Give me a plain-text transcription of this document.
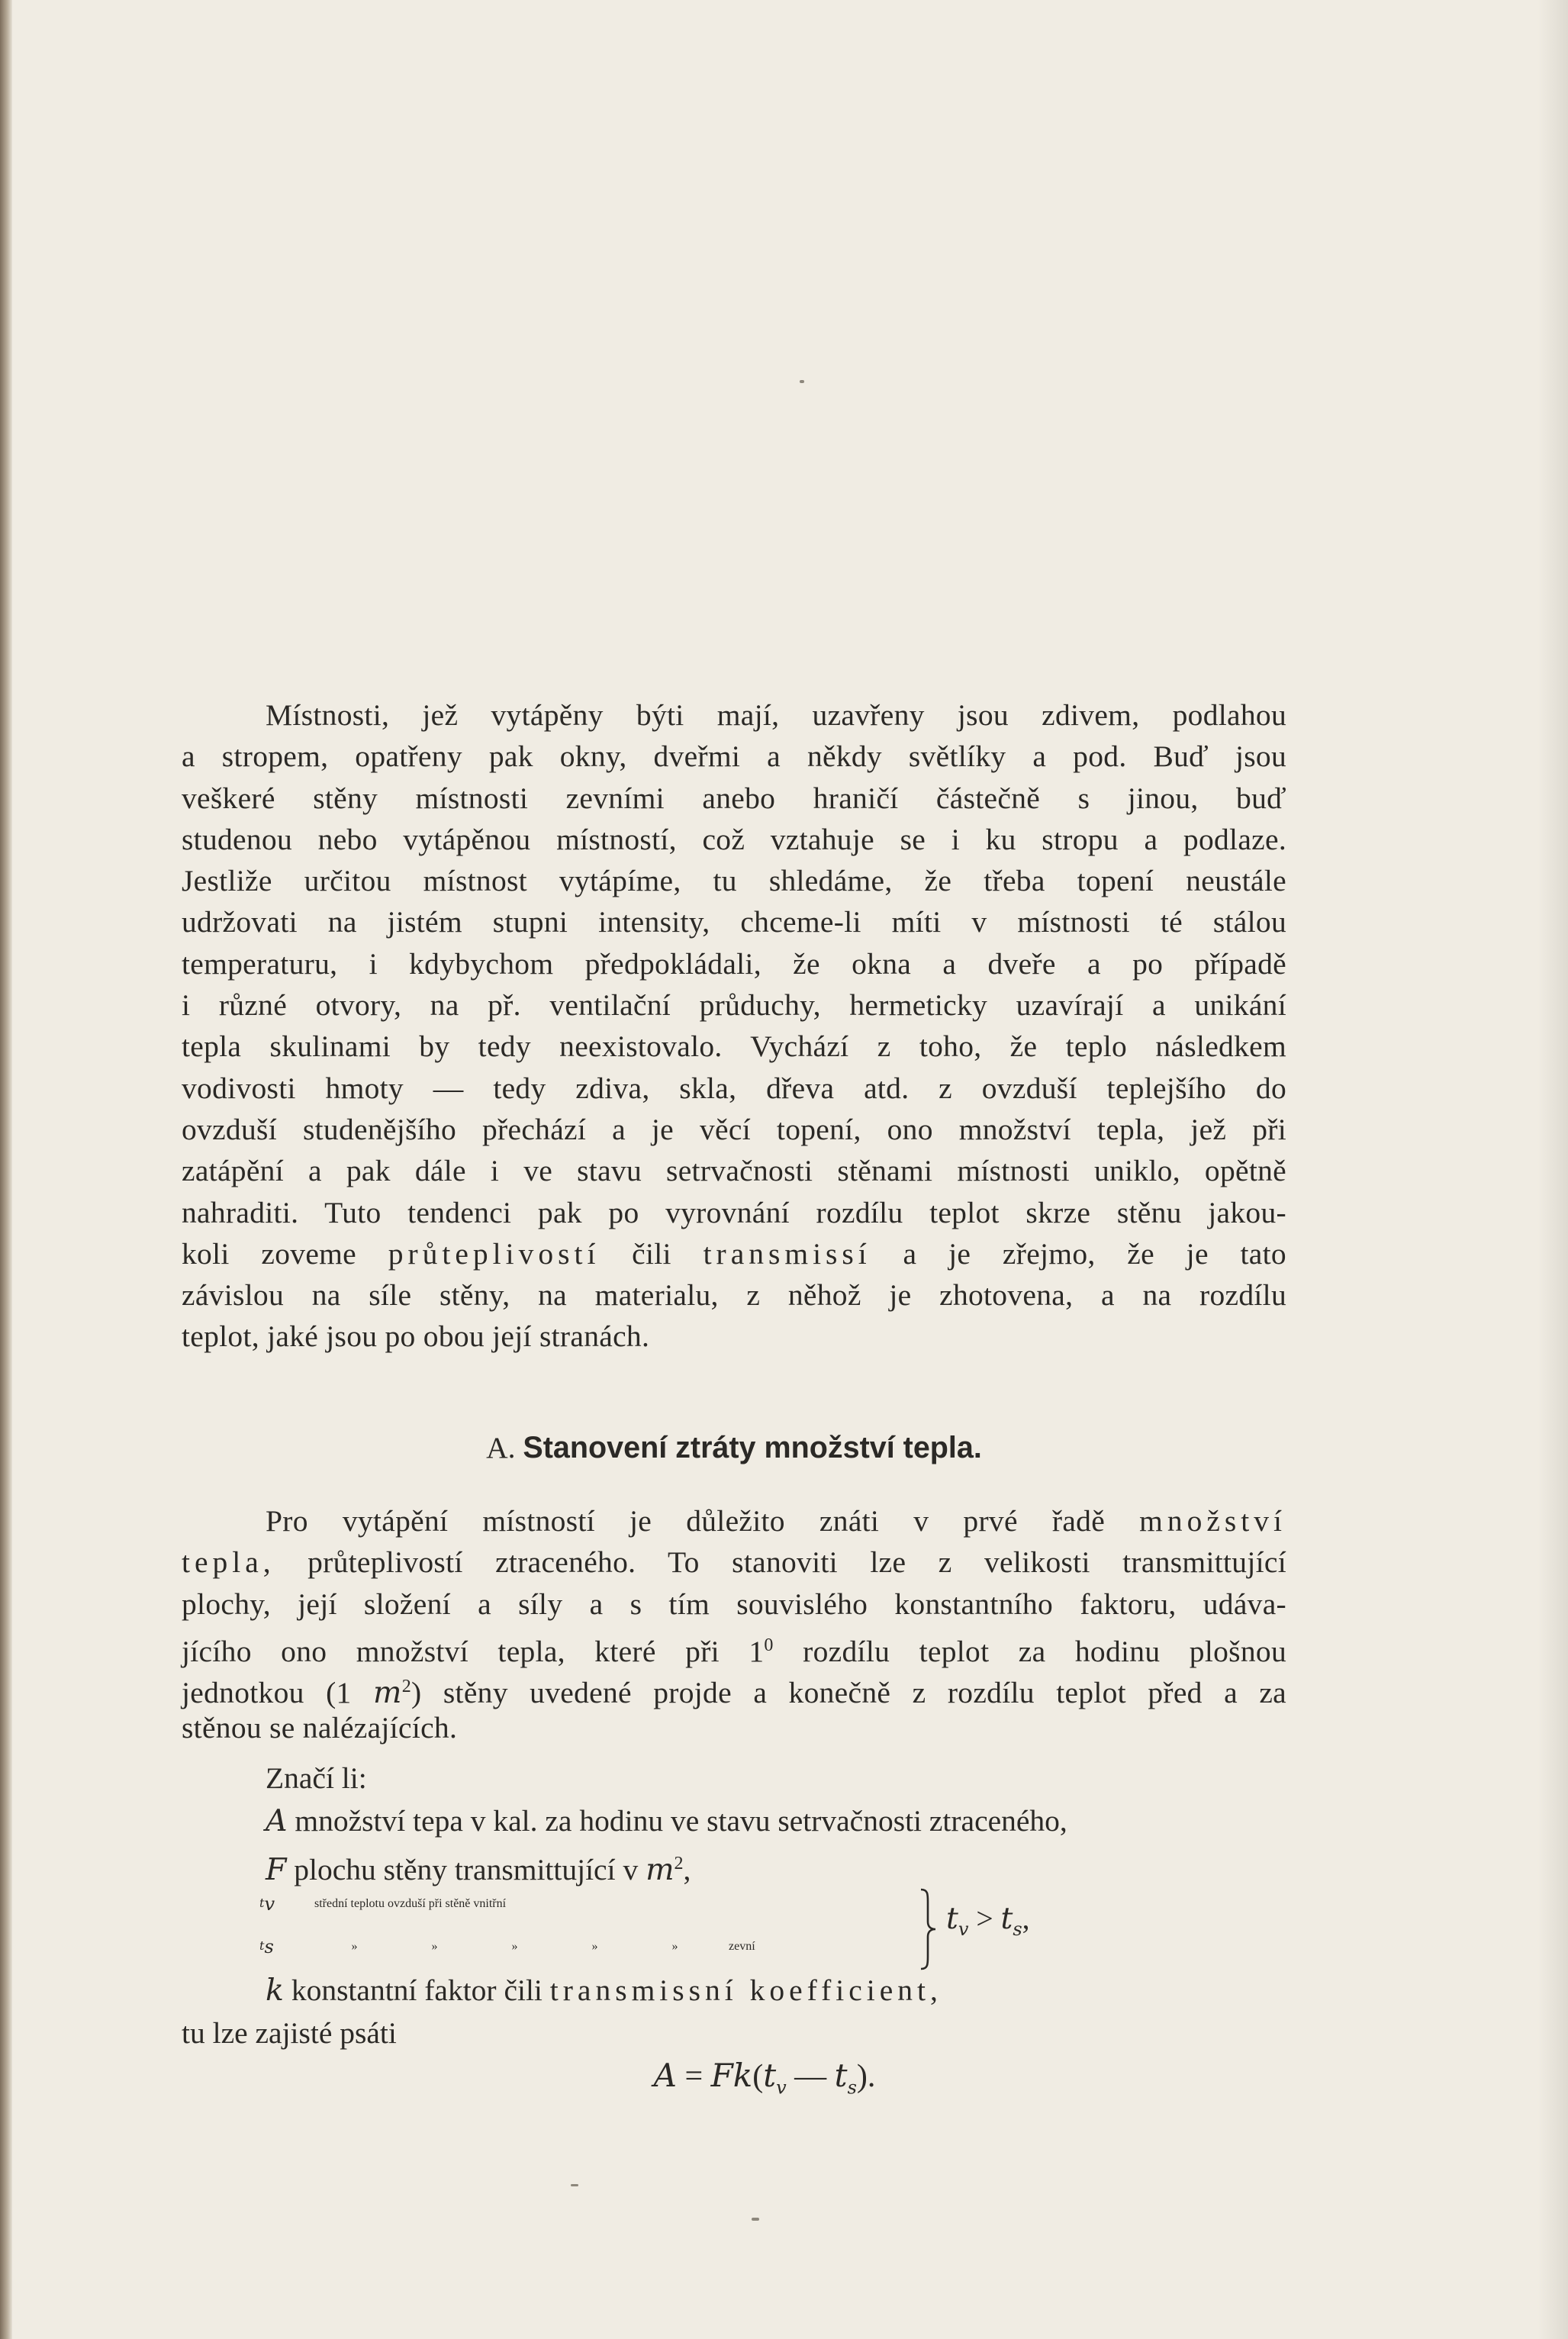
Místnosti, jež vytápěny býti mají, uzavřeny jsou zdivem, podlahou
a stropem, opatřeny pak okny, dveřmi a někdy světlíky a pod. Buď jsou
veškeré stěny místnosti zevními anebo hraničí částečně s jinou, buď
studenou nebo vytápěnou místností, což vztahuje se i ku stropu a podlaze.
Jestliže určitou místnost vytápíme, tu shledáme, že třeba topení neustále
udržovati na jistém stupni intensity, chceme-li míti v místnosti té stálou
temperaturu, i kdybychom předpokládali, že okna a dveře a po případě
i různé otvory, na př. ventilační průduchy, hermeticky uzavírají a unikání
tepla skulinami by tedy neexistovalo. Vychází z toho, že teplo následkem
vodivosti hmoty — tedy zdiva, skla, dřeva atd. z ovzduší teplejšího do
ovzduší studenějšího přechází a je věcí topení, ono množství tepla, jež při
zatápění a pak dále i ve stavu setrvačnosti stěnami místnosti uniklo, opětně
nahraditi. Tuto tendenci pak po vyrovnání rozdílu teplot skrze stěnu jakou-
koli zoveme průteplivostí čili transmissí a je zřejmo, že je tato
závislou na síle stěny, na materialu, z něhož je zhotovena, a na rozdílu
teplot, jaké jsou po obou její stranách.
A. Stanovení ztráty množství tepla.
Pro vytápění místností je důležito znáti v prvé řadě množství
tepla, průteplivostí ztraceného. To stanoviti lze z velikosti transmittující
plochy, její složení a síly a s tím souvislého konstantního faktoru, udáva-
jícího ono množství tepla, které při $1^0$ rozdílu teplot za hodinu plošnou
jednotkou (1 $m^2$) stěny uvedené projde a konečně z rozdílu teplot před a za
stěnou se nalézajících.
Značí li:
A množství tepa v kal. za hodinu ve stavu setrvačnosti ztraceného,
F plochu stěny transmittující v $m^2$,
$t_v$	střední teplotu ovzduší při stěně vnitřní
$t_s$	»	»	»	»	»	zevní
$t_v > t_s$,
k konstantní faktor čili transmissní koefficient,
tu lze zajisté psáti
$A = Fk(t_v$ — $t_s$).
